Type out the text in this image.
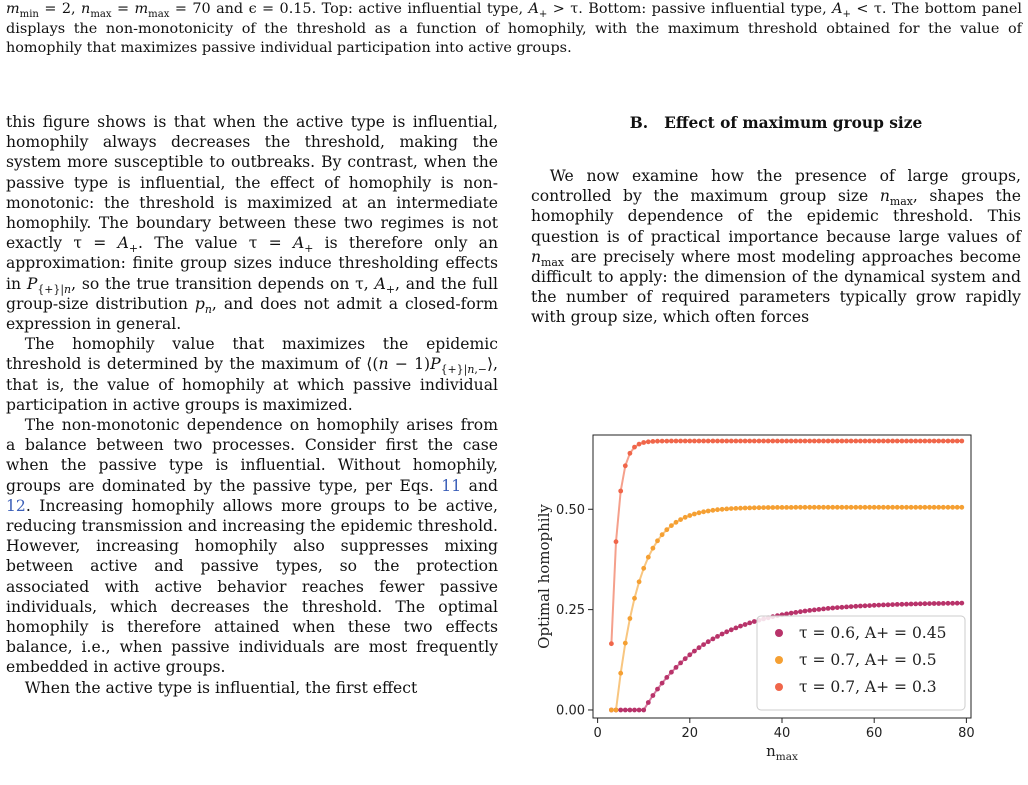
$m_{min} = 2$, $n_{max} = m_{max} = 70$ and ϵ = 0.15. Top: active influential type, $A_+ > \tau$. Bottom: passive influential type, $A_+ < \tau$. The bottom panel displays the non-monotonicity of the threshold as a function of homophily, with the maximum threshold obtained for the value of homophily that maximizes passive individual participation into active groups.

this figure shows is that when the active type is influential, homophily always decreases the threshold, making the system more susceptible to outbreaks. By contrast, when the passive type is influential, the effect of homophily is non-monotonic: the threshold is maximized at an intermediate homophily. The boundary between these two regimes is not exactly $\tau = A_+$. The value $\tau = A_+$ is therefore only an approximation: finite group sizes induce thresholding effects in $P_{\{+\}|n}$, so the true transition depends on τ, $A_+$, and the full group-size distribution $p_n$, and does not admit a closed-form expression in general.

The homophily value that maximizes the epidemic threshold is determined by the maximum of ⟨(n − $1)P_{\{+\}|n,-}⟩$, that is, the value of homophily at which passive individual participation in active groups is maximized.

The non-monotonic dependence on homophily arises from a balance between two processes. Consider first the case when the passive type is influential. Without homophily, groups are dominated by the passive type, per Eqs. 11 and 12. Increasing homophily allows more groups to be active, reducing transmission and increasing the epidemic threshold. However, increasing homophily also suppresses mixing between active and passive types, so the protection associated with active behavior reaches fewer passive individuals, which decreases the threshold. The optimal homophily is therefore attained when these two effects balance, i.e., when passive individuals are most frequently embedded in active groups.

When the active type is influential, the first effect

B.   Effect of maximum group size

We now examine how the presence of large groups, controlled by the maximum group size $n_{max}$, shapes the homophily dependence of the epidemic threshold. This question is of practical importance because large values of $n_{max}$ are precisely where most modeling approaches become difficult to apply: the dimension of the dynamical system and the number of required parameters typically grow rapidly with group size, which often forces

0	20	40	60	80
0.00
0.25
0.50
$n_{max}$
Optimal homophily	τ = 0.6, A+ = 0.45
τ = 0.7, A+ = 0.5
τ = 0.7, A+ = 0.3
